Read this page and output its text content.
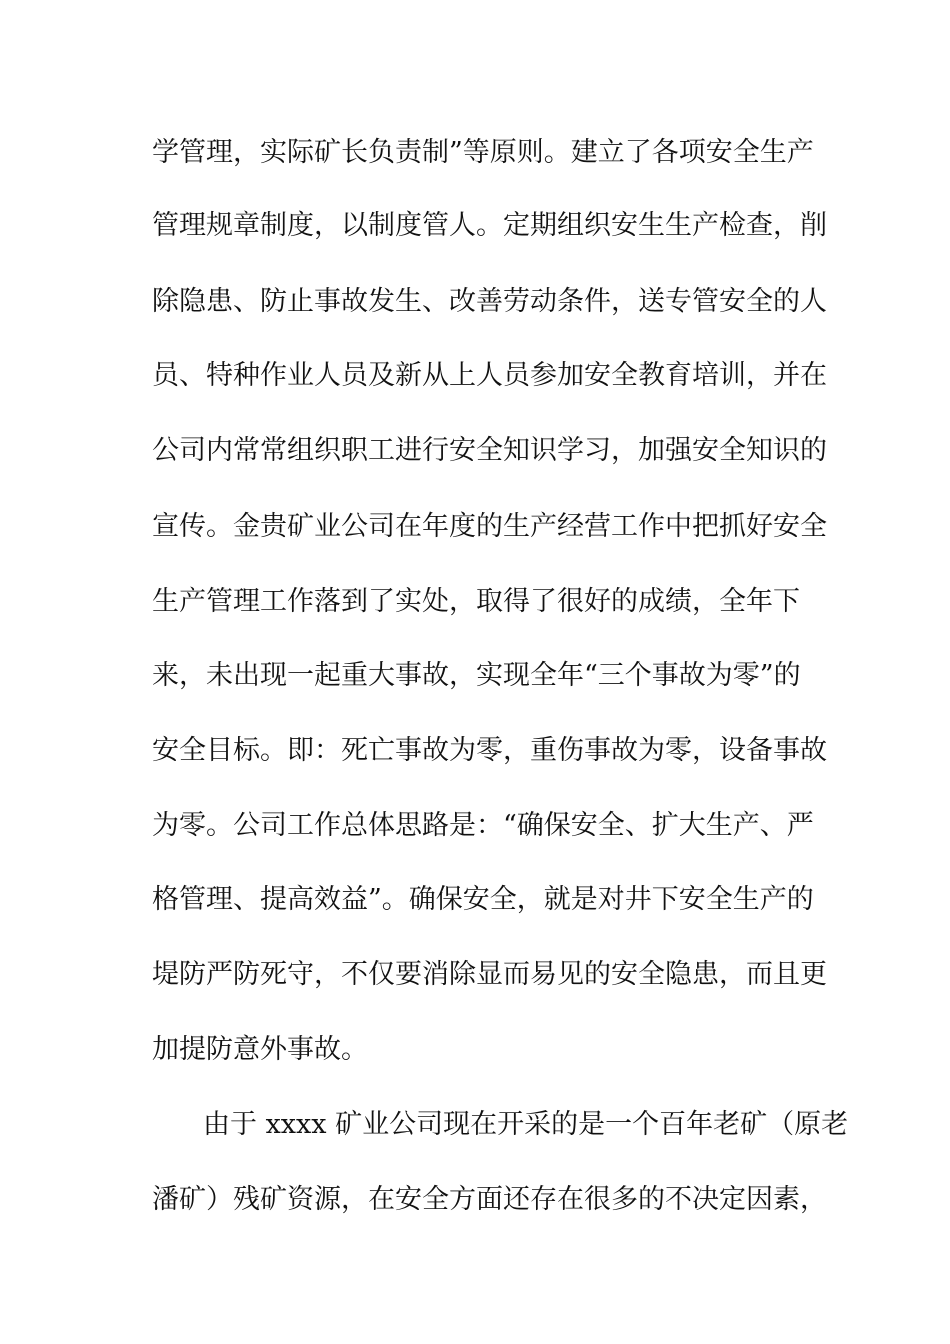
学管理，实际矿长负责制”等原则。建立了各项安全生产

管理规章制度，以制度管人。定期组织安生生产检查，削

除隐患、防止事故发生、改善劳动条件，送专管安全的人

员、特种作业人员及新从上人员参加安全教育培训，并在

公司内常常组织职工进行安全知识学习，加强安全知识的

宣传。金贵矿业公司在年度的生产经营工作中把抓好安全

生产管理工作落到了实处，取得了很好的成绩，全年下

来，未出现一起重大事故，实现全年“三个事故为零”的

安全目标。即：死亡事故为零，重伤事故为零，设备事故

为零。公司工作总体思路是：“确保安全、扩大生产、严

格管理、提高效益”。确保安全，就是对井下安全生产的

堤防严防死守，不仅要消除显而易见的安全隐患，而且更

加提防意外事故。

由于 xxxx 矿业公司现在开采的是一个百年老矿（原老

潘矿）残矿资源，在安全方面还存在很多的不决定因素，
